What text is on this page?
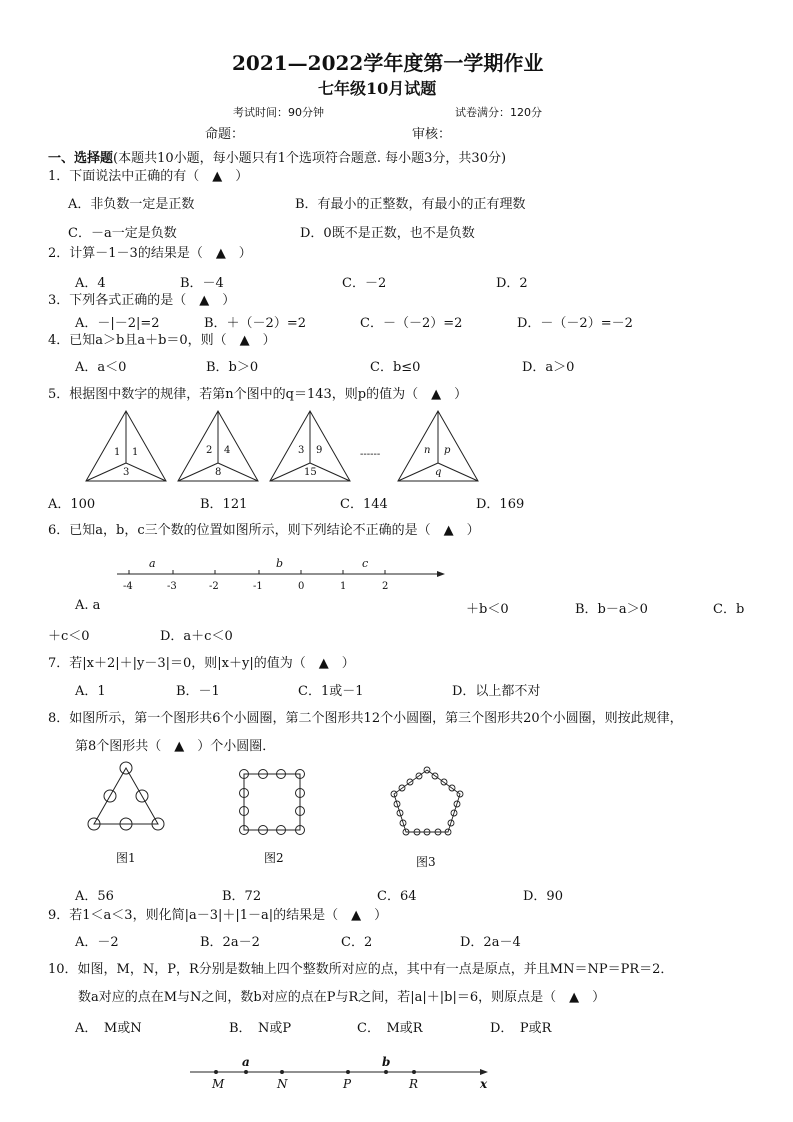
2021—2022学年度第一学期作业
七年级10月试题
考试时间：90分钟	试卷满分：120分
命题：	审核：
一、选择题(本题共10小题，每小题只有1个选项符合题意. 每小题3分，共30分)
1．下面说法中正确的有（　▲　）
A．非负数一定是正数	B．有最小的正整数，有最小的正有理数
C．－a一定是负数	D．0既不是正数，也不是负数
2．计算－1－3的结果是（　▲　）
A．4	B．－4	C．－2	D．2
3．下列各式正确的是（　▲　）
A．－|－2|=2	B．＋（－2）=2	C．－（－2）=2	D．－（－2）=－2
4．已知a＞b且a＋b＝0，则（　▲　）
A．a＜0	B．b＞0	C．b≤0	D．a＞0
5．根据图中数字的规律，若第n个图中的q＝143，则p的值为（　▲　）
1 1
3
2 4
8
3 9
15
------	n p
q
A．100	B．121	C．144	D．169
6．已知a，b，c三个数的位置如图所示，则下列结论不正确的是（　▲　）
-4	-3	-2	-1	0	1	2
a	b	c
A. a	＋b＜0	B．b－a＞0	C．b
＋c＜0	D．a＋c＜0
7．若|x＋2|＋|y－3|＝0，则|x＋y|的值为（　▲　）
A．1	B．－1	C．1或－1	D．以上都不对
8．如图所示，第一个图形共6个小圆圈，第二个图形共12个小圆圈，第三个图形共20个小圆圈，则按此规律，
第8个图形共（　▲　）个小圆圈．
图1	图2	图3
A．56	B．72	C．64	D．90
9．若1＜a＜3，则化简|a－3|＋|1－a|的结果是（　▲　）
A．－2	B．2a－2	C．2	D．2a－4
10．如图，M，N，P，R分别是数轴上四个整数所对应的点，其中有一点是原点，并且MN＝NP＝PR＝2．
数a对应的点在M与N之间，数b对应的点在P与R之间，若|a|＋|b|＝6，则原点是（　▲　）
A．　M或N	B．　N或P	C．　M或R	D．　P或R
M	N	P	R
a	b
x
